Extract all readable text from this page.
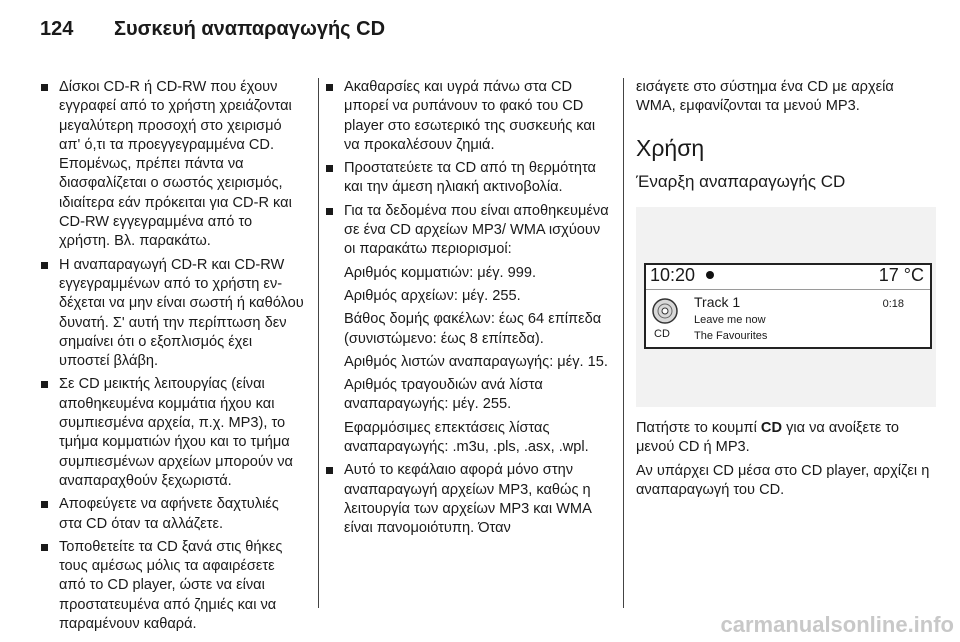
124 Συσκευή αναπαραγωγής CD
Δίσκοι CD-R ή CD-RW που έχουν εγγραφεί από το χρήστη χρειάζονται μεγαλύτερη προσοχή στο χειρισμό απ' ό,τι τα προεγγεγραμμένα CD. Επομένως, πρέπει πάντα να διασφαλίζεται ο σωστός χειρισμός, ιδιαίτερα εάν πρόκειται για CD-R και CD-RW εγγεγραμμένα από το χρήστη. Βλ. παρακάτω.
Η αναπαραγωγή CD-R και CD-RW εγγεγραμμένων από το χρήστη ενδέχεται να μην είναι σωστή ή καθόλου δυνατή. Σ' αυτή την περίπτωση δεν σημαίνει ότι ο εξοπλισμός έχει υποστεί βλάβη.
Σε CD μεικτής λειτουργίας (είναι αποθηκευμένα κομμάτια ήχου και συμπιεσμένα αρχεία, π.χ. MP3), το τμήμα κομματιών ήχου και το τμήμα συμπιεσμένων αρχείων μπορούν να αναπαραχθούν ξεχωριστά.
Αποφεύγετε να αφήνετε δαχτυλιές στα CD όταν τα αλλάζετε.
Τοποθετείτε τα CD ξανά στις θήκες τους αμέσως μόλις τα αφαιρέσετε από το CD player, ώστε να είναι προστατευμένα από ζημιές και να παραμένουν καθαρά.
Ακαθαρσίες και υγρά πάνω στα CD μπορεί να ρυπάνουν το φακό του CD player στο εσωτερικό της συσκευής και να προκαλέσουν ζημιά.
Προστατεύετε τα CD από τη θερμότητα και την άμεση ηλιακή ακτινοβολία.
Για τα δεδομένα που είναι αποθηκευμένα σε ένα CD αρχείων MP3/ WMA ισχύουν οι παρακάτω περιορισμοί:

Αριθμός κομματιών: μέγ. 999.

Αριθμός αρχείων: μέγ. 255.

Βάθος δομής φακέλων: έως 64 επίπεδα (συνιστώμενο: έως 8 επίπεδα).

Αριθμός λιστών αναπαραγωγής: μέγ. 15.

Αριθμός τραγουδιών ανά λίστα αναπαραγωγής: μέγ. 255.

Εφαρμόσιμες επεκτάσεις λίστας αναπαραγωγής: .m3u, .pls, .asx, .wpl.

Αυτό το κεφάλαιο αφορά μόνο στην αναπαραγωγή αρχείων MP3, καθώς η λειτουργία των αρχείων MP3 και WMA είναι πανομοιότυπη. Όταν

εισάγετε στο σύστημα ένα CD με αρχεία WMA, εμφανίζονται τα μενού MP3.

Χρήση
Έναρξη αναπαραγωγής CD
10:20	17 °C
CD
Track 1	0:18
Leave me now
The Favourites

Πατήστε το κουμπί CD για να ανοίξετε το μενού CD ή MP3.

Αν υπάρχει CD μέσα στο CD player, αρχίζει η αναπαραγωγή του CD.

carmanualsonline.info
